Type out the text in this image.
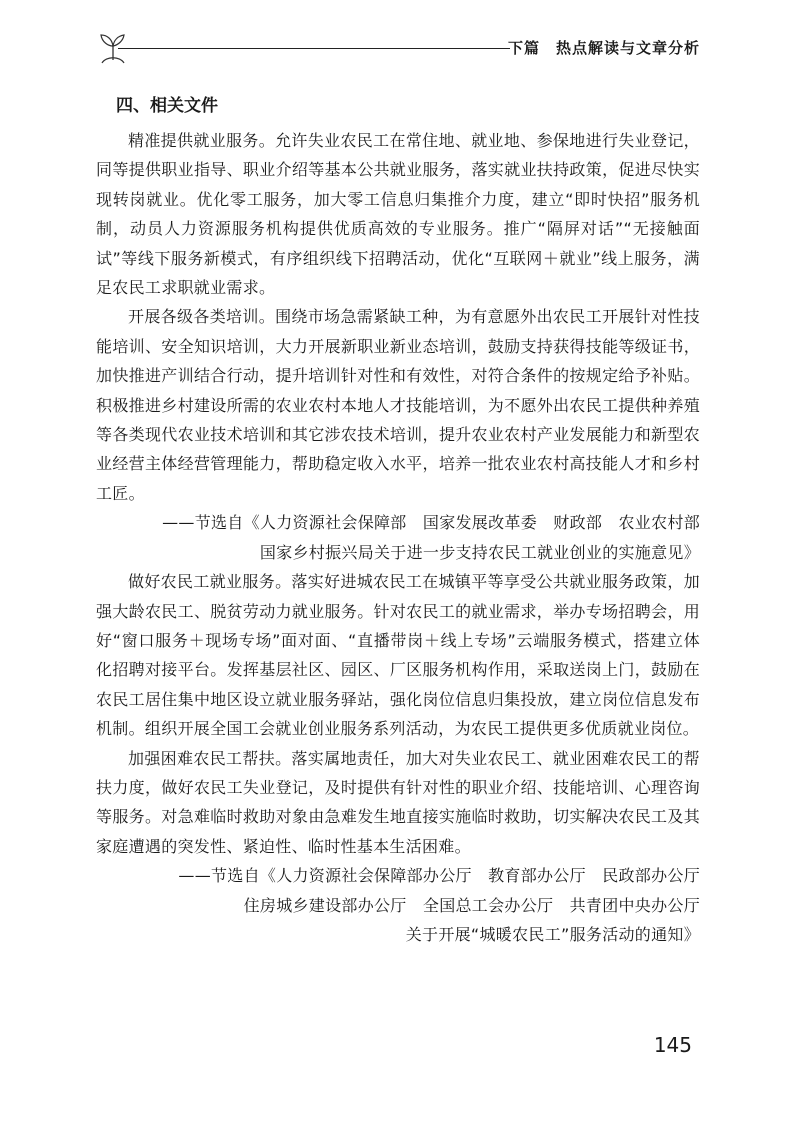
下篇　热点解读与文章分析
四、相关文件

精准提供就业服务。允许失业农民工在常住地、就业地、参保地进行失业登记，同等提供职业指导、职业介绍等基本公共就业服务，落实就业扶持政策，促进尽快实现转岗就业。优化零工服务，加大零工信息归集推介力度，建立“即时快招”服务机制，动员人力资源服务机构提供优质高效的专业服务。推广“隔屏对话”“无接触面试”等线下服务新模式，有序组织线下招聘活动，优化“互联网＋就业”线上服务，满足农民工求职就业需求。

开展各级各类培训。围绕市场急需紧缺工种，为有意愿外出农民工开展针对性技能培训、安全知识培训，大力开展新职业新业态培训，鼓励支持获得技能等级证书，加快推进产训结合行动，提升培训针对性和有效性，对符合条件的按规定给予补贴。积极推进乡村建设所需的农业农村本地人才技能培训，为不愿外出农民工提供种养殖等各类现代农业技术培训和其它涉农技术培训，提升农业农村产业发展能力和新型农业经营主体经营管理能力，帮助稳定收入水平，培养一批农业农村高技能人才和乡村工匠。

——节选自《人力资源社会保障部　国家发展改革委　财政部　农业农村部

国家乡村振兴局关于进一步支持农民工就业创业的实施意见》

做好农民工就业服务。落实好进城农民工在城镇平等享受公共就业服务政策，加强大龄农民工、脱贫劳动力就业服务。针对农民工的就业需求，举办专场招聘会，用好“窗口服务＋现场专场”面对面、“直播带岗＋线上专场”云端服务模式，搭建立体化招聘对接平台。发挥基层社区、园区、厂区服务机构作用，采取送岗上门，鼓励在农民工居住集中地区设立就业服务驿站，强化岗位信息归集投放，建立岗位信息发布机制。组织开展全国工会就业创业服务系列活动，为农民工提供更多优质就业岗位。

加强困难农民工帮扶。落实属地责任，加大对失业农民工、就业困难农民工的帮扶力度，做好农民工失业登记，及时提供有针对性的职业介绍、技能培训、心理咨询等服务。对急难临时救助对象由急难发生地直接实施临时救助，切实解决农民工及其家庭遭遇的突发性、紧迫性、临时性基本生活困难。

——节选自《人力资源社会保障部办公厅　教育部办公厅　民政部办公厅

住房城乡建设部办公厅　全国总工会办公厅　共青团中央办公厅

关于开展“城暖农民工”服务活动的通知》

145
